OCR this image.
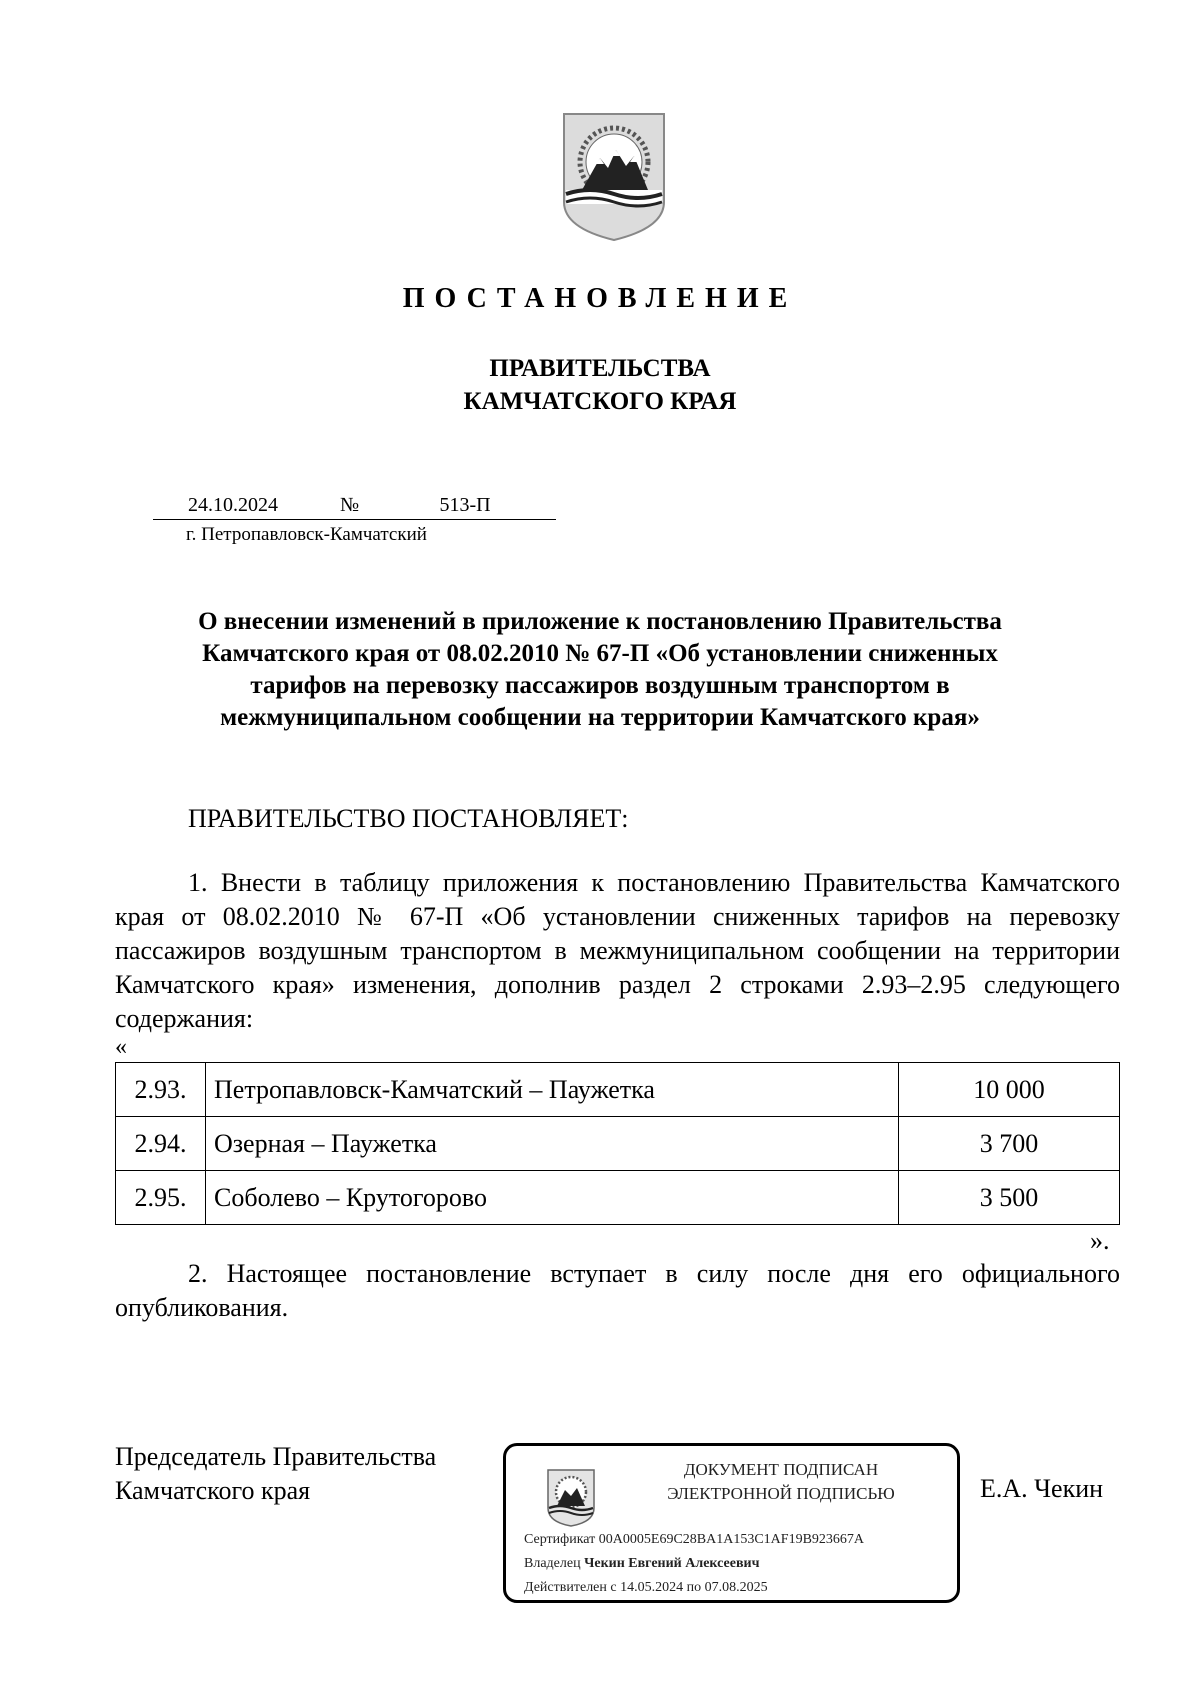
ПОСТАНОВЛЕНИЕ
ПРАВИТЕЛЬСТВА
КАМЧАТСКОГО КРАЯ
24.10.2024	№	513-П
г. Петропавловск-Камчатский
О внесении изменений в приложение к постановлению Правительства
Камчатского края от 08.02.2010 № 67-П «Об установлении сниженных
тарифов на перевозку пассажиров воздушным транспортом в
межмуниципальном сообщении на территории Камчатского края»
ПРАВИТЕЛЬСТВО ПОСТАНОВЛЯЕТ:
1. Внести в таблицу приложения к постановлению Правительства Камчатского края от 08.02.2010 № 67-П «Об установлении сниженных тарифов на перевозку пассажиров воздушным транспортом в межмуниципальном сообщении на территории Камчатского края» изменения, дополнив раздел 2 строками 2.93–2.95 следующего содержания:
«
2.93.	Петропавловск-Камчатский – Паужетка	10 000
2.94.	Озерная – Паужетка	3 700
2.95.	Соболево – Крутогорово	3 500
».
2. Настоящее постановление вступает в силу после дня его официального опубликования.
Председатель Правительства
Камчатского края
ДОКУМЕНТ ПОДПИСАН
ЭЛЕКТРОННОЙ ПОДПИСЬЮ
Сертификат 00A0005E69C28BA1A153C1AF19B923667A
Владелец Чекин Евгений Алексеевич
Действителен с 14.05.2024 по 07.08.2025
Е.А. Чекин
